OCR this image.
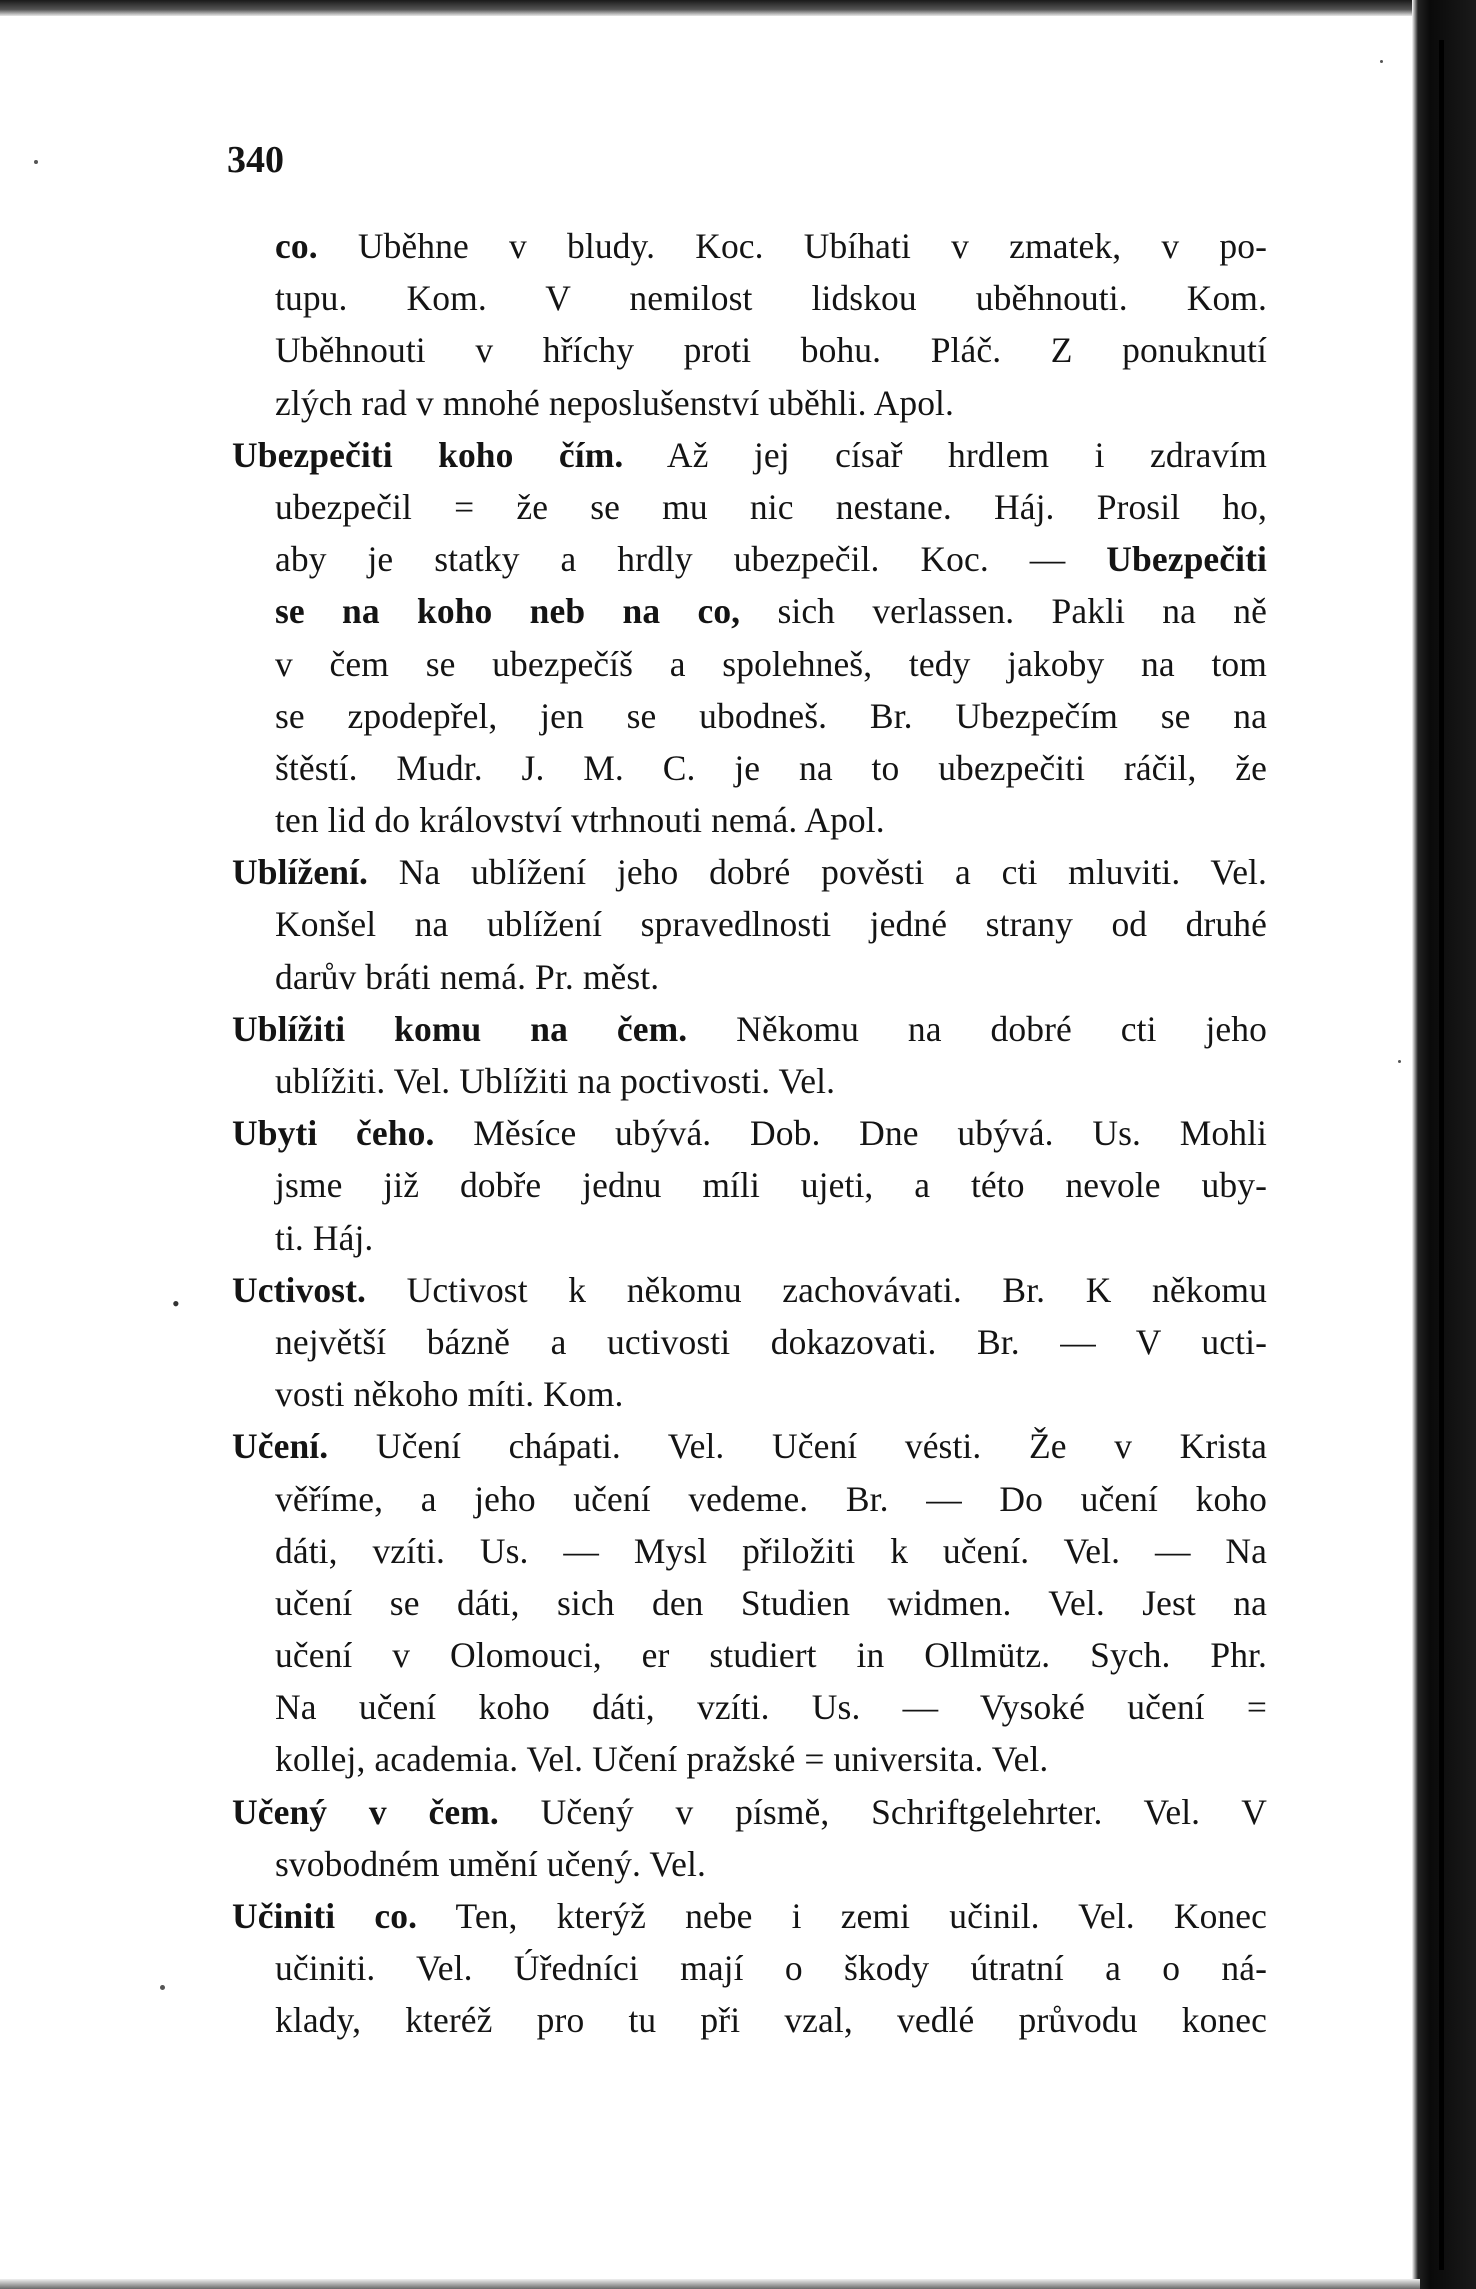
340
•
co. Uběhne v bludy. Koc. Ubíhati v zmatek, v po-
tupu. Kom. V nemilost lidskou uběhnouti. Kom.
Uběhnouti v hříchy proti bohu. Pláč. Z ponuknutí
zlých rad v mnohé neposlušenství uběhli. Apol.
Ubezpečiti koho čím. Až jej císař hrdlem i zdravím
ubezpečil = že se mu nic nestane. Háj. Prosil ho,
aby je statky a hrdly ubezpečil. Koc. — Ubezpečiti
se na koho neb na co, sich verlassen. Pakli na ně
v čem se ubezpečíš a spolehneš, tedy jakoby na tom
se zpodepřel, jen se ubodneš. Br. Ubezpečím se na
štěstí. Mudr. J. M. C. je na to ubezpečiti ráčil, že
ten lid do království vtrhnouti nemá. Apol.
Ublížení. Na ublížení jeho dobré pověsti a cti mluviti. Vel.
Konšel na ublížení spravedlnosti jedné strany od druhé
darův bráti nemá. Pr. měst.
Ublížiti komu na čem. Někomu na dobré cti jeho
ublížiti. Vel. Ublížiti na poctivosti. Vel.
Ubyti čeho. Měsíce ubývá. Dob. Dne ubývá. Us. Mohli
jsme již dobře jednu míli ujeti, a této nevole uby-
ti. Háj.
Uctivost. Uctivost k někomu zachovávati. Br. K někomu
největší bázně a uctivosti dokazovati. Br. — V ucti-
vosti někoho míti. Kom.
Učení. Učení chápati. Vel. Učení vésti. Že v Krista
věříme, a jeho učení vedeme. Br. — Do učení koho
dáti, vzíti. Us. — Mysl přiložiti k učení. Vel. — Na
učení se dáti, sich den Studien widmen. Vel. Jest na
učení v Olomouci, er studiert in Ollmütz. Sych. Phr.
Na učení koho dáti, vzíti. Us. — Vysoké učení =
kollej, academia. Vel. Učení pražské = universita. Vel.
Učený v čem. Učený v písmě, Schriftgelehrter. Vel. V
svobodném umění učený. Vel.
Učiniti co. Ten, kterýž nebe i zemi učinil. Vel. Konec
učiniti. Vel. Úředníci mají o škody útratní a o ná-
klady, kteréž pro tu při vzal, vedlé průvodu konec
